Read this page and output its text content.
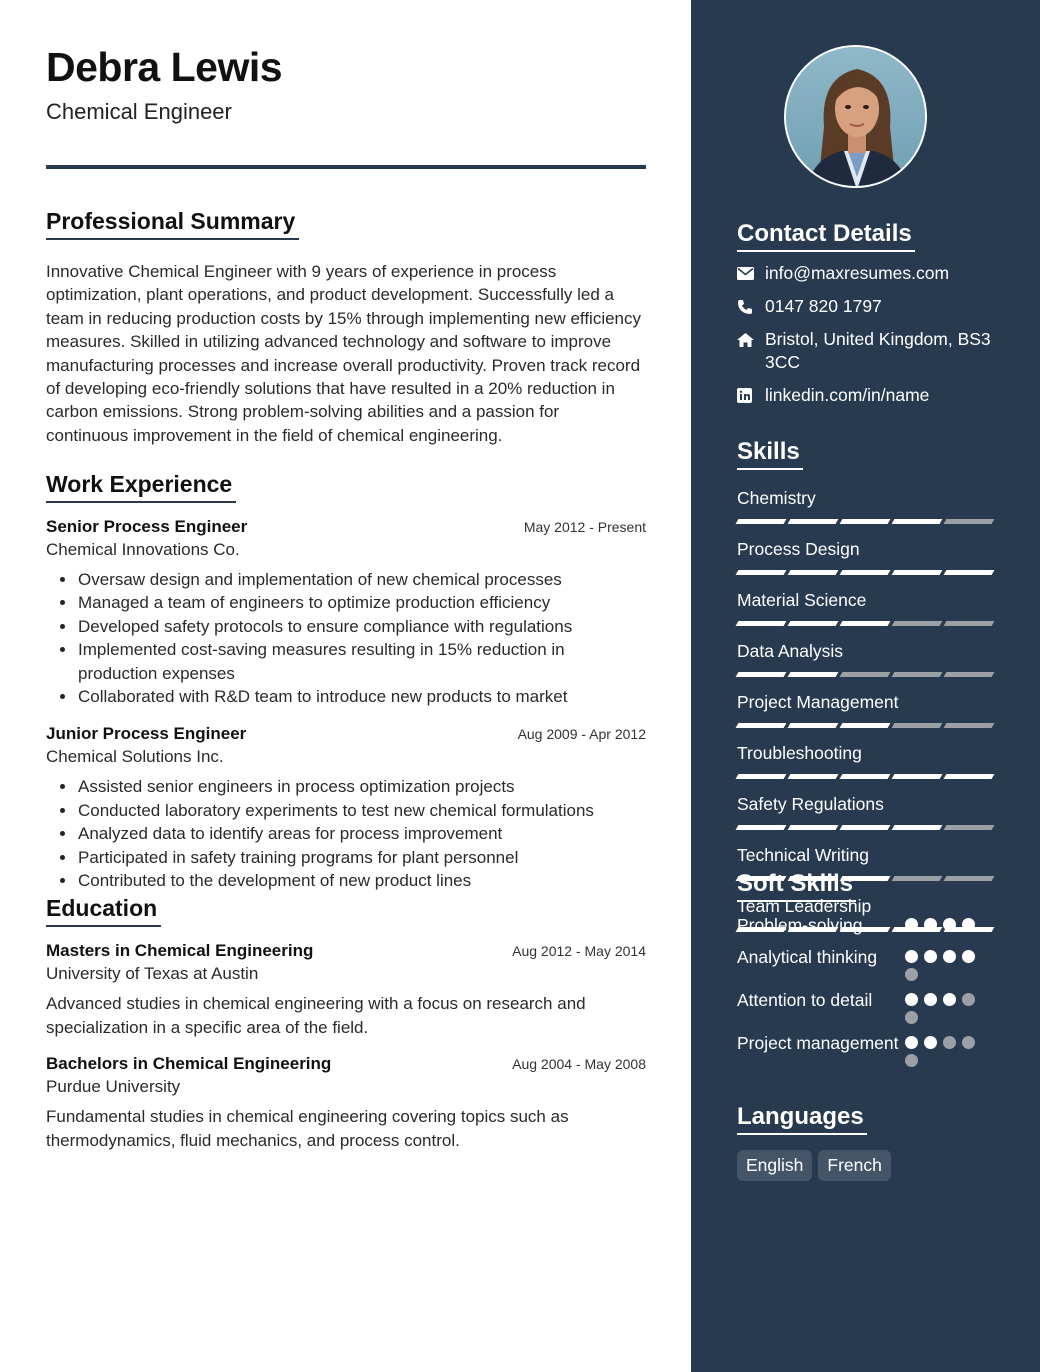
Debra Lewis
Chemical Engineer
Professional Summary

Innovative Chemical Engineer with 9 years of experience in process optimization, plant operations, and product development. Successfully led a team in reducing production costs by 15% through implementing new efficiency measures. Skilled in utilizing advanced technology and software to improve manufacturing processes and increase overall productivity. Proven track record of developing eco-friendly solutions that have resulted in a 20% reduction in carbon emissions. Strong problem-solving abilities and a passion for continuous improvement in the field of chemical engineering.

Work Experience
Senior Process Engineer	May 2012 - Present
Chemical Innovations Co.
Oversaw design and implementation of new chemical processes
Managed a team of engineers to optimize production efficiency
Developed safety protocols to ensure compliance with regulations
Implemented cost-saving measures resulting in 15% reduction in production expenses
Collaborated with R&D team to introduce new products to market
Junior Process Engineer	Aug 2009 - Apr 2012
Chemical Solutions Inc.
Assisted senior engineers in process optimization projects
Conducted laboratory experiments to test new chemical formulations
Analyzed data to identify areas for process improvement
Participated in safety training programs for plant personnel
Contributed to the development of new product lines
Education
Masters in Chemical Engineering	Aug 2012 - May 2014
University of Texas at Austin

Advanced studies in chemical engineering with a focus on research and specialization in a specific area of the field.

Bachelors in Chemical Engineering	Aug 2004 - May 2008
Purdue University

Fundamental studies in chemical engineering covering topics such as thermodynamics, fluid mechanics, and process control.

Contact Details
info@maxresumes.com
0147 820 1797
Bristol, United Kingdom, BS3 3CC
linkedin.com/in/name
Skills
Chemistry
Process Design
Material Science
Data Analysis
Project Management
Troubleshooting
Safety Regulations
Technical Writing
Team Leadership
Soft Skills
Problem-solving
Analytical thinking
Attention to detail
Project management
Languages
English	French
